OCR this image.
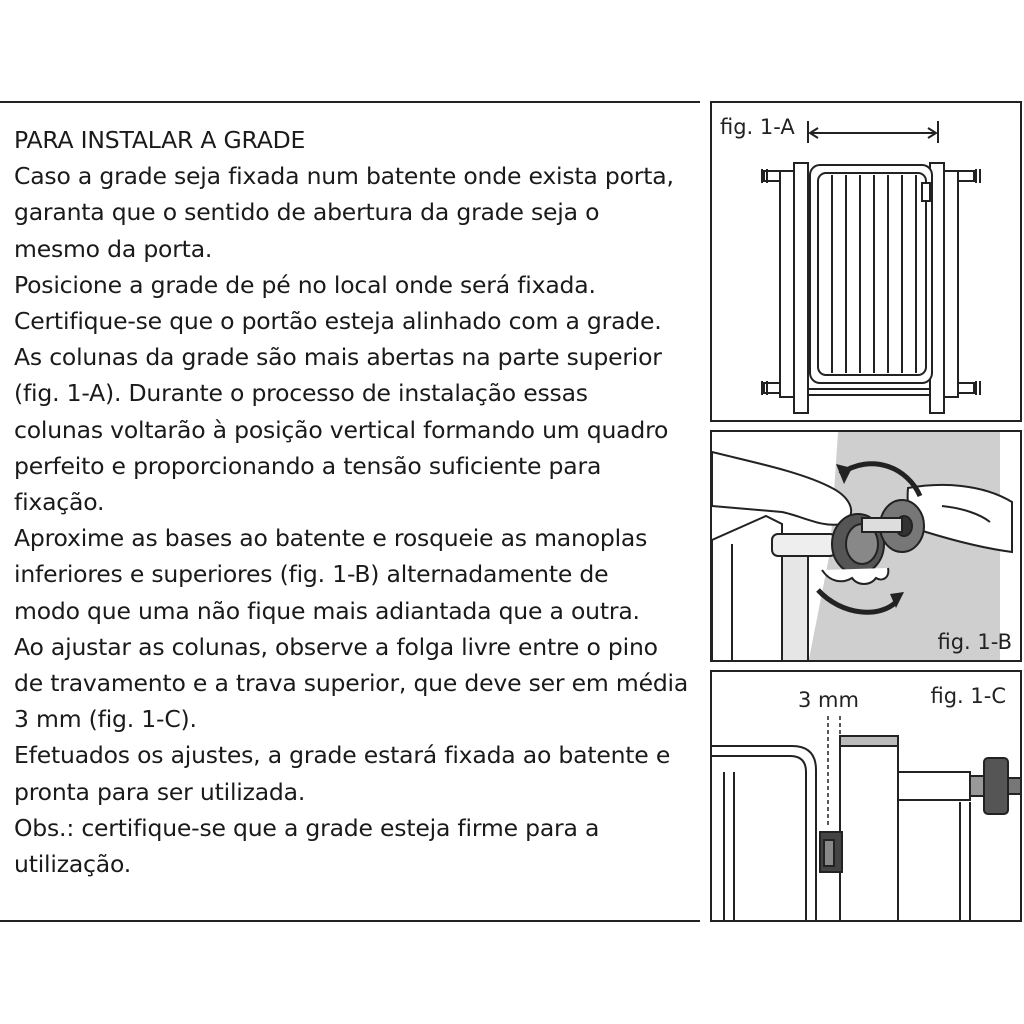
PARA INSTALAR A GRADE

Caso a grade seja fixada num batente onde exista porta,

garanta que o sentido de abertura da grade seja o

mesmo da porta.

Posicione a grade de pé no local onde será fixada.

Certifique-se que o portão esteja alinhado com a grade.

As colunas da grade são mais abertas na parte superior

(fig. 1-A). Durante o processo de instalação essas

colunas voltarão à posição vertical formando um quadro

perfeito e proporcionando a tensão suficiente para

fixação.

Aproxime as bases ao batente e rosqueie as manoplas

inferiores e superiores (fig. 1-B) alternadamente de

modo que uma não fique mais adiantada que a outra.

Ao ajustar as colunas, observe a folga livre entre o pino

de travamento e a trava superior, que deve ser em média

3 mm (fig. 1-C).

Efetuados os ajustes, a grade estará fixada ao batente e

pronta para ser utilizada.

Obs.: certifique-se que a grade esteja firme para a

utilização.

fig. 1-A
fig. 1-B
3 mm	fig. 1-C
